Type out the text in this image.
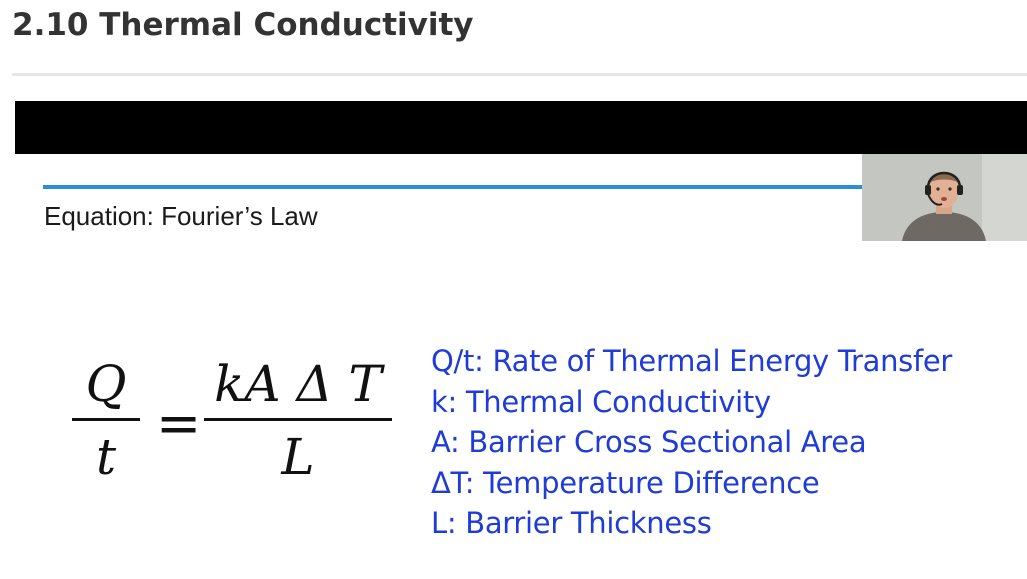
2.10 Thermal Conductivity
Equation: Fourier’s Law
Q
t
=
kA Δ T
L
Q/t: Rate of Thermal Energy Transfer
k: Thermal Conductivity
A: Barrier Cross Sectional Area
ΔT: Temperature Difference
L: Barrier Thickness
